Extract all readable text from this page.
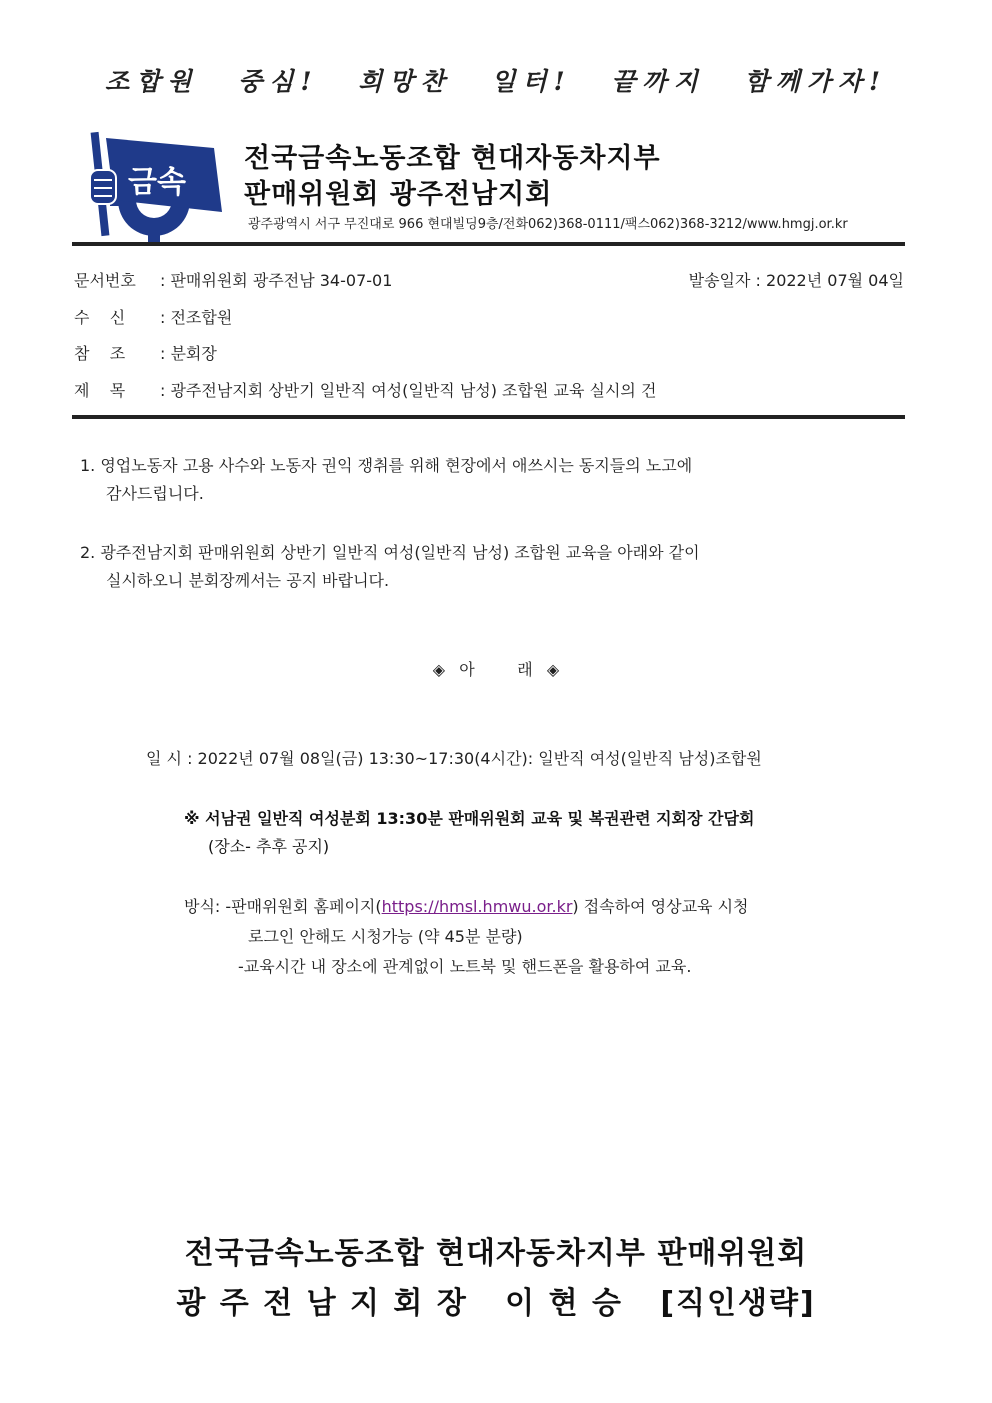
조합원 중심! 희망찬 일터! 끝까지 함께가자!
금속
전국금속노동조합 현대자동차지부
판매위원회 광주전남지회
광주광역시 서구 무진대로 966 현대빌딩9층/전화062)368-0111/팩스062)368-3212/www.hmgj.or.kr
문서번호 : 판매위원회 광주전남 34-07-01	발송일자 : 2022년 07월 04일
수    신 : 전조합원
참    조 : 분회장
제    목 : 광주전남지회 상반기 일반직 여성(일반직 남성) 조합원 교육 실시의 건
1. 영업노동자 고용 사수와 노동자 권익 쟁취를 위해 현장에서 애쓰시는 동지들의 노고에
감사드립니다.
2. 광주전남지회 판매위원회 상반기 일반직 여성(일반직 남성) 조합원 교육을 아래와 같이
실시하오니 분회장께서는 공지 바랍니다.
◈  아      래  ◈
일 시 : 2022년 07월 08일(금) 13:30~17:30(4시간): 일반직 여성(일반직 남성)조합원
※ 서남권 일반직 여성분회 13:30분 판매위원회 교육 및 복권관련 지회장 간담회
(장소- 추후 공지)
방식: -판매위원회 홈페이지(https://hmsl.hmwu.or.kr) 접속하여 영상교육 시청
로그인 안해도 시청가능 (약 45분 분량)
-교육시간 내 장소에 관계없이 노트북 및 핸드폰을 활용하여 교육.
전국금속노동조합 현대자동차지부 판매위원회
광 주 전 남 지 회 장   이 현 승   [직인생략]
